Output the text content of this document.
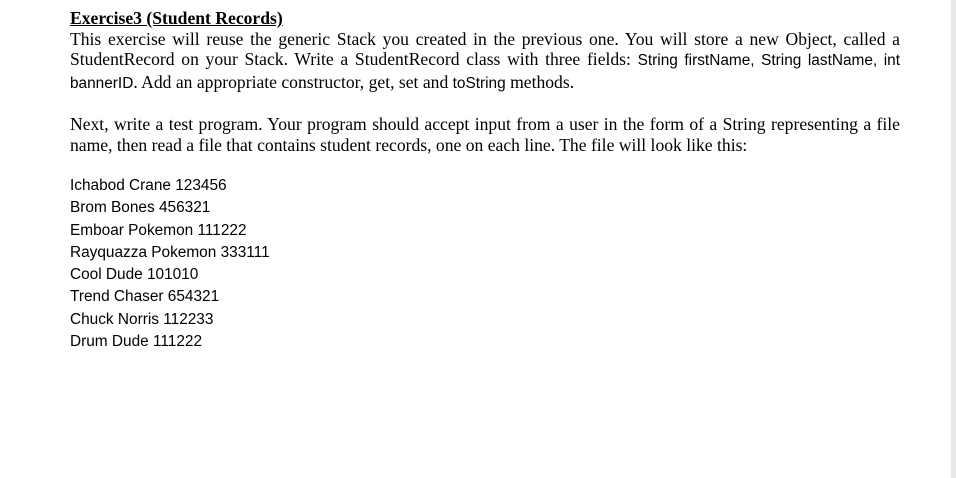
Exercise3 (Student Records)

This exercise will reuse the generic Stack you created in the previous one. You will store a new Object, called a StudentRecord on your Stack. Write a StudentRecord class with three fields: String firstName, String lastName, int bannerID. Add an appropriate constructor, get, set and toString methods.

Next, write a test program. Your program should accept input from a user in the form of a String representing a file name, then read a file that contains student records, one on each line. The file will look like this:

Ichabod Crane 123456
Brom Bones 456321
Emboar Pokemon 111222
Rayquazza Pokemon 333111
Cool Dude 101010
Trend Chaser 654321
Chuck Norris 112233
Drum Dude 111222
